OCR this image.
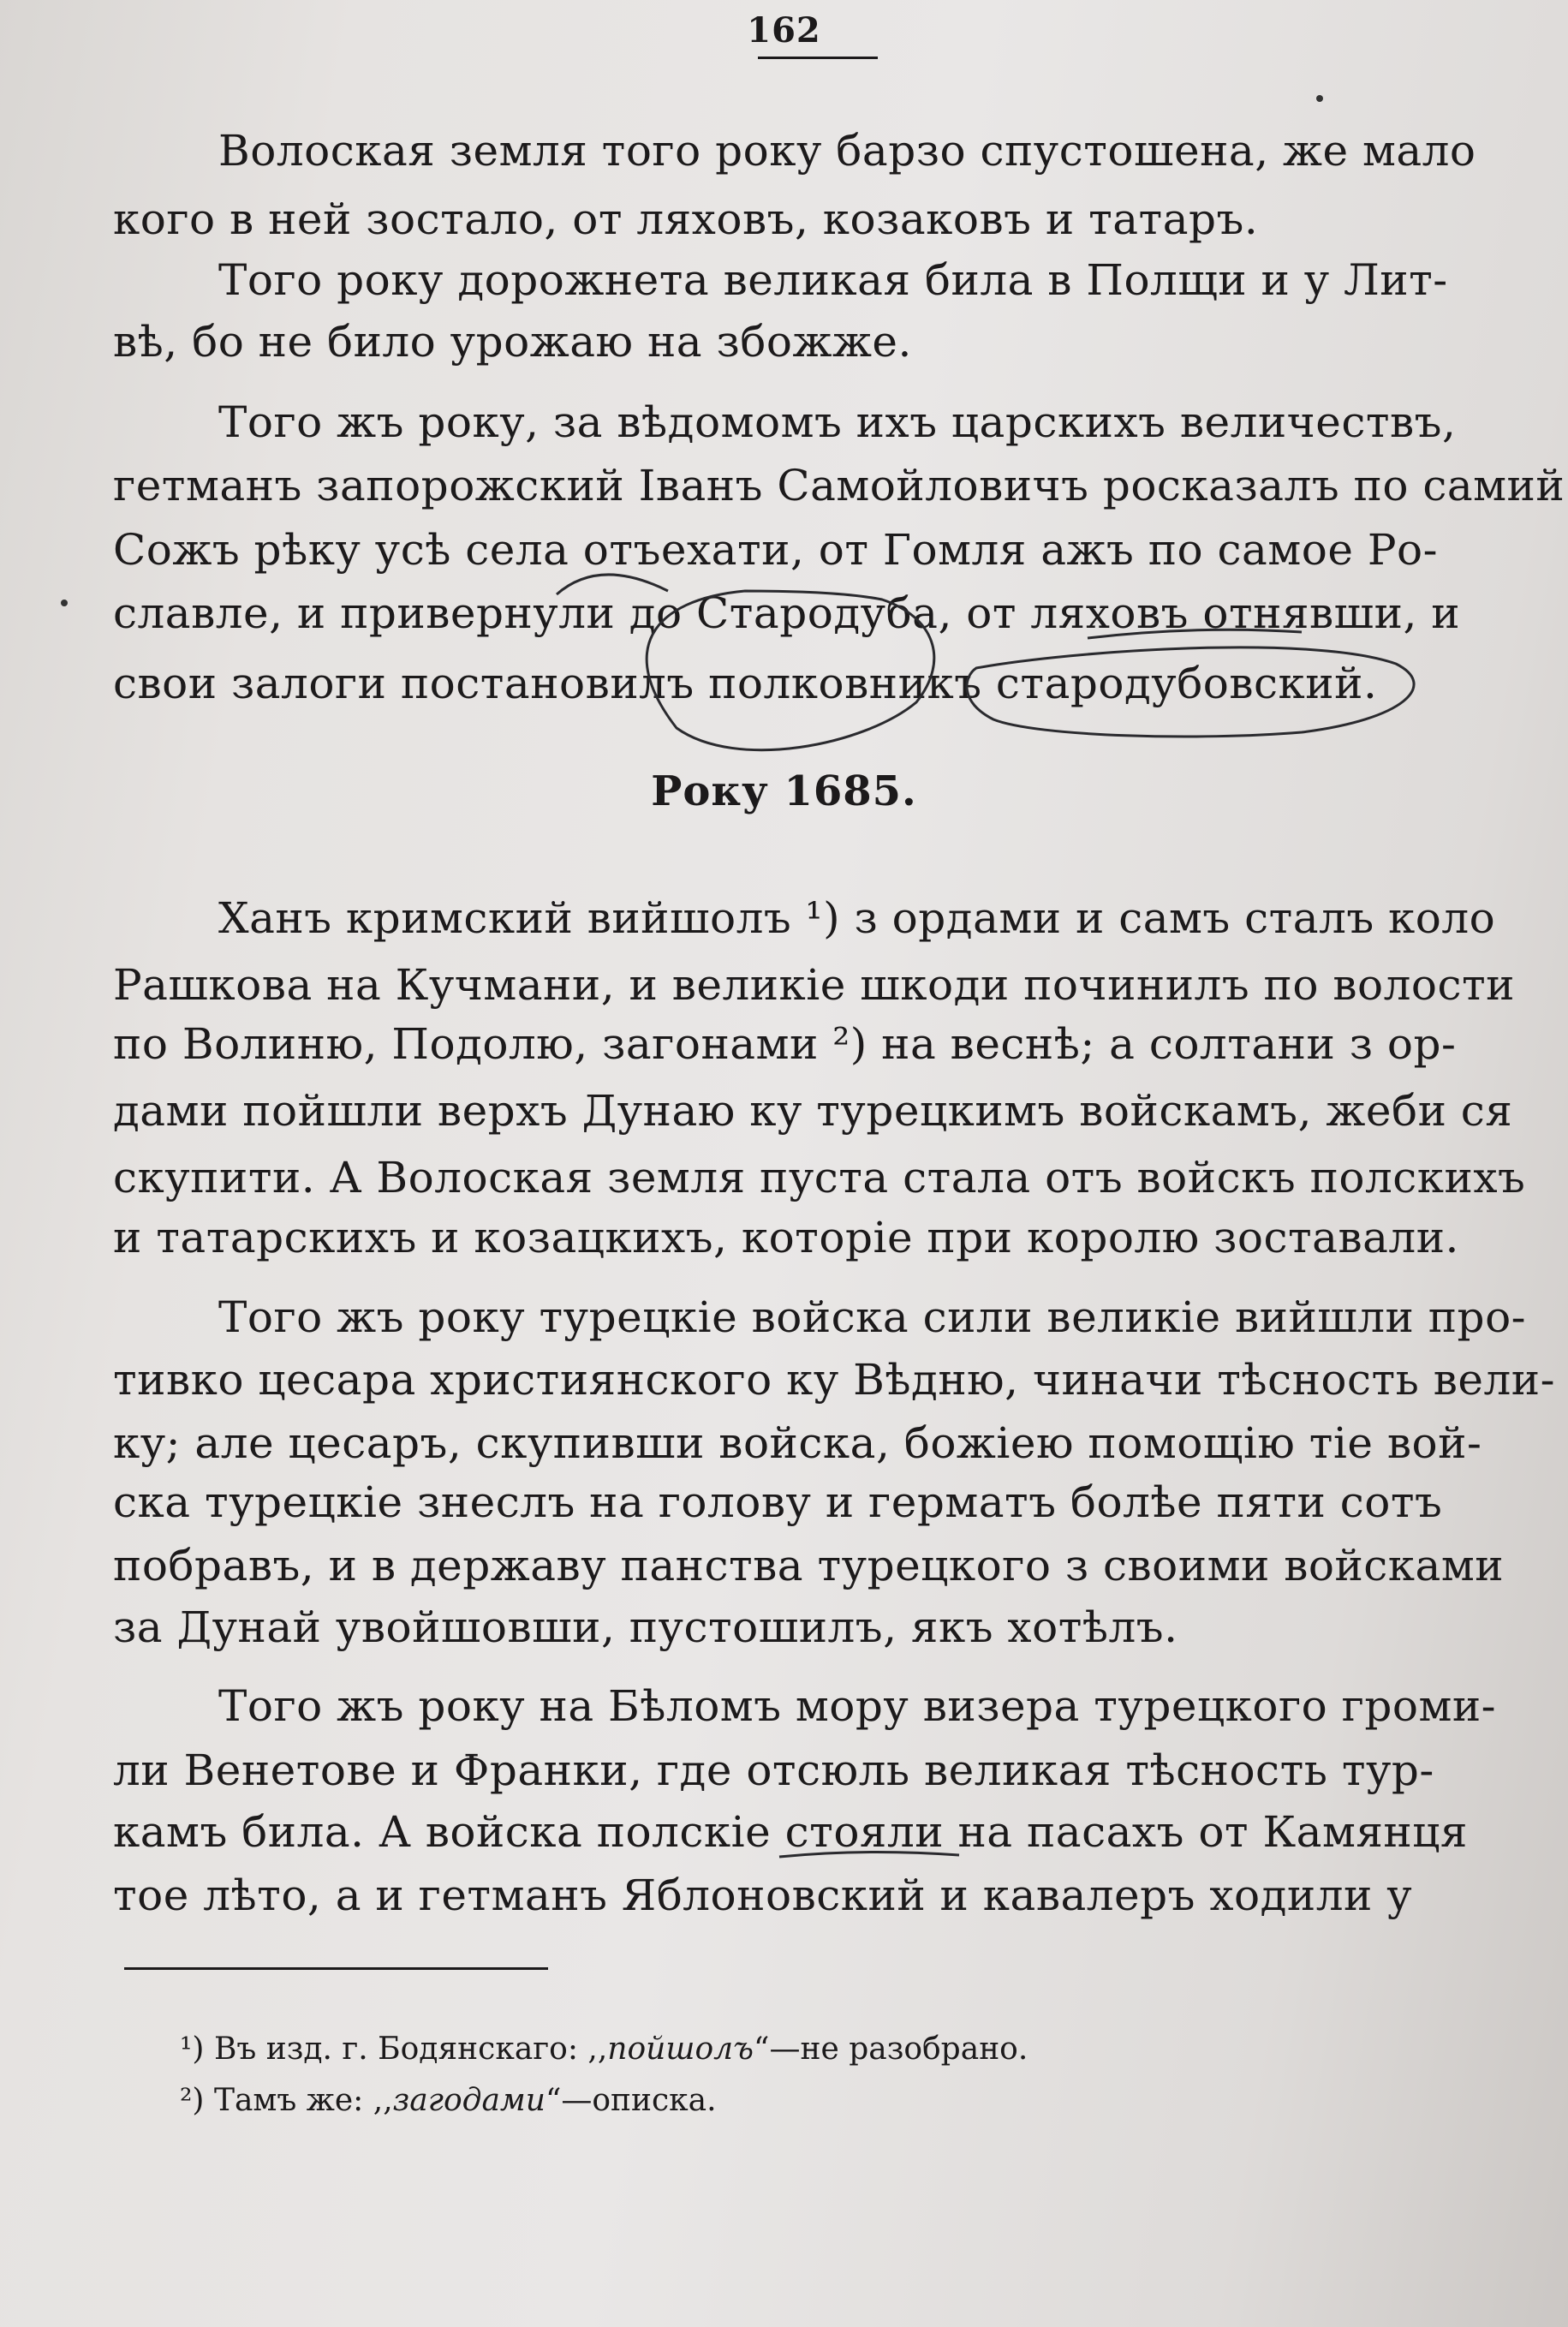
162
Волоская земля того року барзо спустошена, же мало
кого в ней зостало, от ляховъ, козаковъ и татаръ.
Того року дорожнета великая била в Полщи и у Лит-
вѣ, бо не било урожаю на збожже.
Того жъ року, за вѣдомомъ ихъ царскихъ величествъ,
гетманъ запорожский Іванъ Самойловичъ росказалъ по самий
Сожъ рѣку усѣ села отъехати, от Гомля ажъ по самое Ро-
славле, и привернули до Стародуба, от ляховъ отнявши, и
свои залоги постановилъ полковникъ стародубовский.
Року 1685.
Ханъ кримский вийшолъ ¹) з ордами и самъ сталъ коло
Рашкова на Кучмани, и великіе шкоди починилъ по волости
по Волиню, Подолю, загонами ²) на веснѣ; а солтани з ор-
дами пойшли верхъ Дунаю ку турецкимъ войскамъ, жеби ся
скупити. А Волоская земля пуста стала отъ войскъ полскихъ
и татарскихъ и козацкихъ, которіе при королю зоставали.
Того жъ року турецкіе войска сили великіе вийшли про-
тивко цесара християнского ку Вѣдню, чиначи тѣсность вели-
ку; але цесаръ, скупивши войска, божіею помощію тіе вой-
ска турецкіе знеслъ на голову и герматъ болѣе пяти сотъ
побравъ, и в державу панства турецкого з своими войсками
за Дунай увойшовши, пустошилъ, якъ хотѣлъ.
Того жъ року на Бѣломъ мору визера турецкого громи-
ли Венетове и Франки, где отсюль великая тѣсность тур-
камъ била. А войска полскіе стояли на пасахъ от Камянця
тое лѣто, а и гетманъ Яблоновский и кавалеръ ходили у
¹) Въ изд. г. Бодянскаго: ,,пойшолъ“—не разобрано.
²) Тамъ же: ,,загодами“—описка.
